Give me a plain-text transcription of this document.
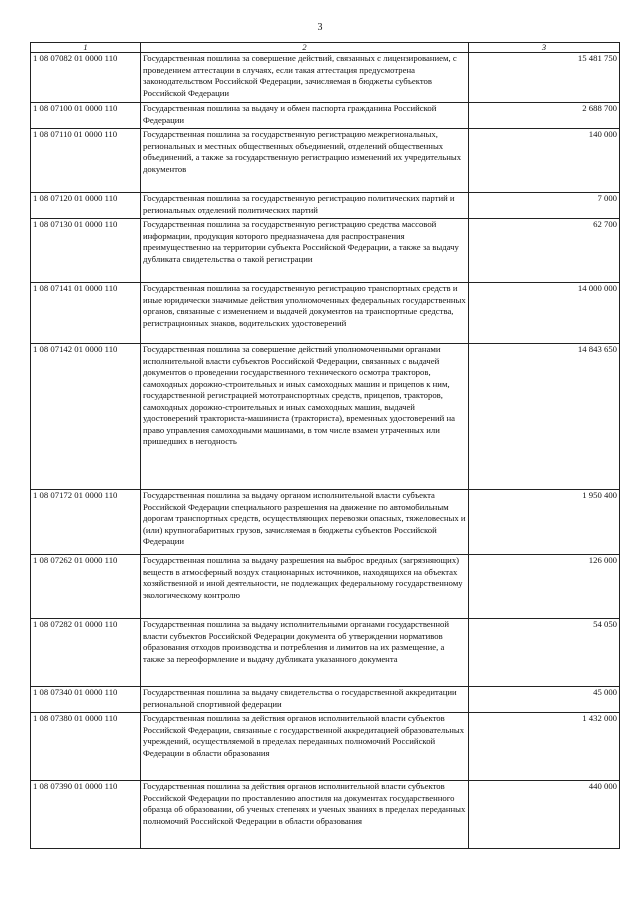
3
1	2	3
1 08 07082 01 0000 110	Государственная пошлина за совершение действий, связанных с лицензированием, с проведением аттестации в случаях, если такая аттестация предусмотрена законодательством Российской Федерации, зачисляемая в бюджеты субъектов Российской Федерации	15 481 750
1 08 07100 01 0000 110	Государственная пошлина за выдачу и обмен паспорта гражданина Российской Федерации	2 688 700
1 08 07110 01 0000 110	Государственная пошлина за государственную регистрацию межрегиональных, региональных и местных общественных объединений, отделений общественных объединений, а также за государственную регистрацию изменений их учредительных документов	140 000
1 08 07120 01 0000 110	Государственная пошлина за государственную регистрацию политических партий и региональных отделений политических партий	7 000
1 08 07130 01 0000 110	Государственная пошлина за государственную регистрацию средства массовой информации, продукция которого предназначена для распространения преимущественно на территории субъекта Российской Федерации, а также за выдачу дубликата свидетельства о такой регистрации	62 700
1 08 07141 01 0000 110	Государственная пошлина за государственную регистрацию транспортных средств и иные юридически значимые действия уполномоченных федеральных государственных органов, связанные с изменением и выдачей документов на транспортные средства, регистрационных знаков, водительских удостоверений	14 000 000
1 08 07142 01 0000 110	Государственная пошлина за совершение действий уполномоченными органами исполнительной власти субъектов Российской Федерации, связанных с выдачей документов о проведении государственного технического осмотра тракторов, самоходных дорожно-строительных и иных самоходных машин и прицепов к ним, государственной регистрацией мототранспортных средств, прицепов, тракторов, самоходных дорожно-строительных и иных самоходных машин, выдачей удостоверений тракториста-машиниста (тракториста), временных удостоверений на право управления самоходными машинами, в том числе взамен утраченных или пришедших в негодность	14 843 650
1 08 07172 01 0000 110	Государственная пошлина за выдачу органом исполнительной власти субъекта Российской Федерации специального разрешения на движение по автомобильным дорогам транспортных средств, осуществляющих перевозки опасных, тяжеловесных и (или) крупногабаритных грузов, зачисляемая в бюджеты субъектов Российской Федерации	1 950 400
1 08 07262 01 0000 110	Государственная пошлина за выдачу разрешения на выброс вредных (загрязняющих) веществ в атмосферный воздух стационарных источников, находящихся на объектах хозяйственной и иной деятельности, не подлежащих федеральному государственному экологическому контролю	126 000
1 08 07282 01 0000 110	Государственная пошлина за выдачу исполнительными органами государственной власти субъектов Российской Федерации документа об утверждении нормативов образования отходов производства и потребления и лимитов на их размещение, а также за переоформление и выдачу дубликата указанного документа	54 050
1 08 07340 01 0000 110	Государственная пошлина за выдачу свидетельства о государственной аккредитации региональной спортивной федерации	45 000
1 08 07380 01 0000 110	Государственная пошлина за действия органов исполнительной власти субъектов Российской Федерации, связанные с государственной аккредитацией образовательных учреждений, осуществляемой в пределах переданных полномочий Российской Федерации в области образования	1 432 000
1 08 07390 01 0000 110	Государственная пошлина за действия органов исполнительной власти субъектов Российской Федерации по проставлению апостиля на документах государственного образца об образовании, об ученых степенях и ученых званиях в пределах переданных полномочий Российской Федерации в области образования	440 000
